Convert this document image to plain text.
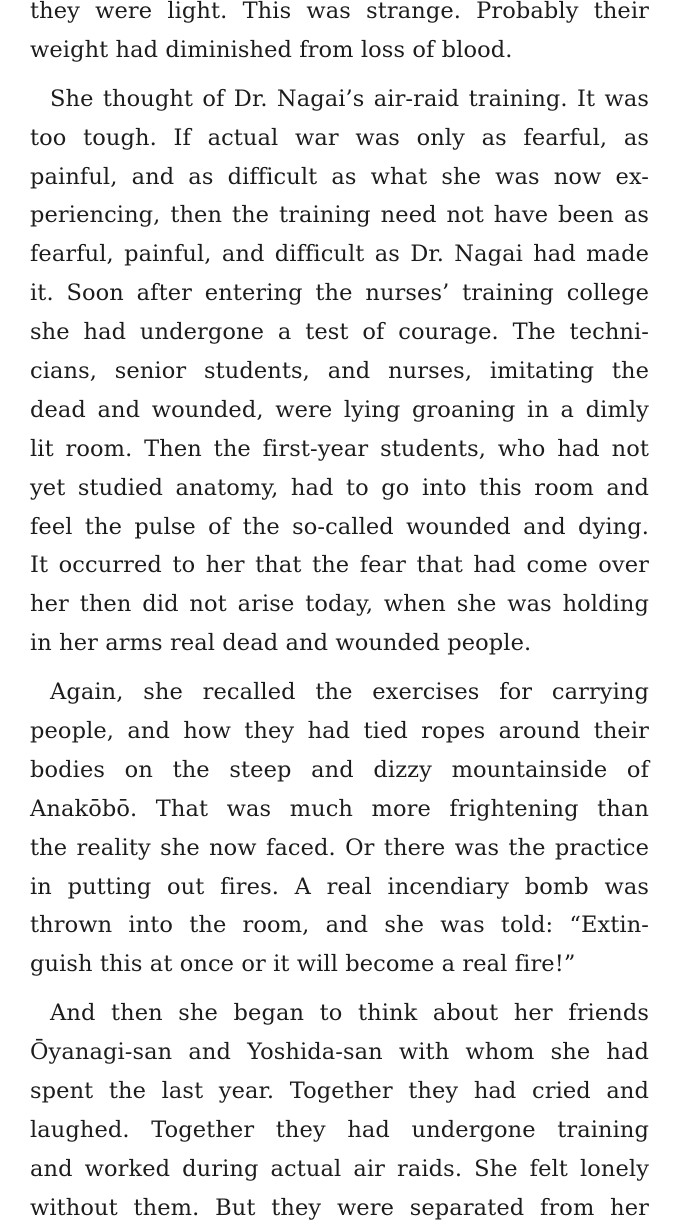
they were light. This was strange. Probably their
weight had diminished from loss of blood.
She thought of Dr. Nagai’s air-raid training. It was
too tough. If actual war was only as fearful, as
painful, and as difficult as what she was now ex-
periencing, then the training need not have been as
fearful, painful, and difficult as Dr. Nagai had made
it. Soon after entering the nurses’ training college
she had undergone a test of courage. The techni-
cians, senior students, and nurses, imitating the
dead and wounded, were lying groaning in a dimly
lit room. Then the first-year students, who had not
yet studied anatomy, had to go into this room and
feel the pulse of the so-called wounded and dying.
It occurred to her that the fear that had come over
her then did not arise today, when she was holding
in her arms real dead and wounded people.
Again, she recalled the exercises for carrying
people, and how they had tied ropes around their
bodies on the steep and dizzy mountainside of
Anakōbō. That was much more frightening than
the reality she now faced. Or there was the practice
in putting out fires. A real incendiary bomb was
thrown into the room, and she was told: “Extin-
guish this at once or it will become a real fire!”
And then she began to think about her friends
Ōyanagi-san and Yoshida-san with whom she had
spent the last year. Together they had cried and
laughed. Together they had undergone training
and worked during actual air raids. She felt lonely
without them. But they were separated from her
